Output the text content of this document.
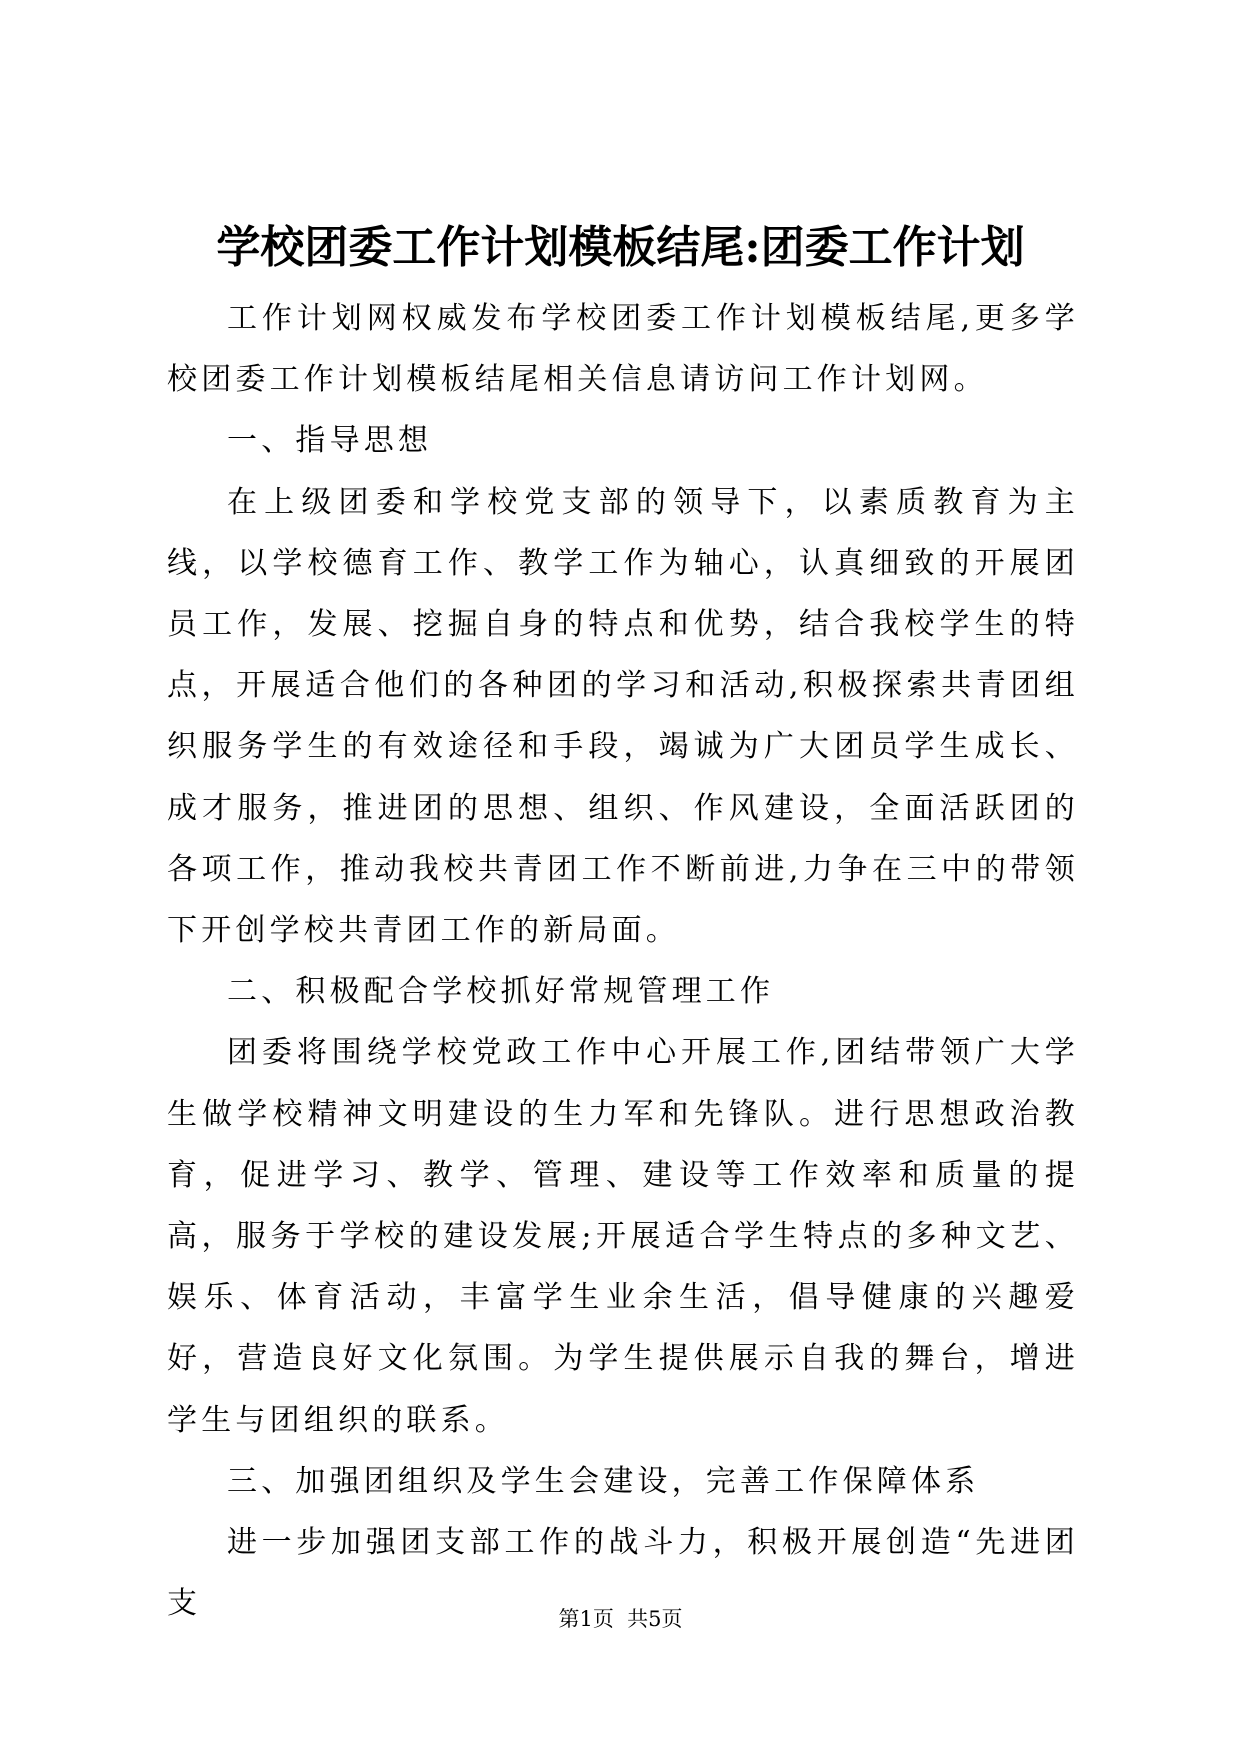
学校团委工作计划模板结尾:团委工作计划

工作计划网权威发布学校团委工作计划模板结尾,更多学校团委工作计划模板结尾相关信息请访问工作计划网。

一、指导思想

在上级团委和学校党支部的领导下，以素质教育为主线，以学校德育工作、教学工作为轴心，认真细致的开展团员工作，发展、挖掘自身的特点和优势，结合我校学生的特点，开展适合他们的各种团的学习和活动,积极探索共青团组织服务学生的有效途径和手段，竭诚为广大团员学生成长、成才服务，推进团的思想、组织、作风建设，全面活跃团的各项工作，推动我校共青团工作不断前进,力争在三中的带领下开创学校共青团工作的新局面。

二、积极配合学校抓好常规管理工作

团委将围绕学校党政工作中心开展工作,团结带领广大学生做学校精神文明建设的生力军和先锋队。进行思想政治教育，促进学习、教学、管理、建设等工作效率和质量的提高，服务于学校的建设发展;开展适合学生特点的多种文艺、娱乐、体育活动，丰富学生业余生活，倡导健康的兴趣爱好，营造良好文化氛围。为学生提供展示自我的舞台，增进学生与团组织的联系。

三、加强团组织及学生会建设，完善工作保障体系

进一步加强团支部工作的战斗力，积极开展创造“先进团支	第1页  共5页
